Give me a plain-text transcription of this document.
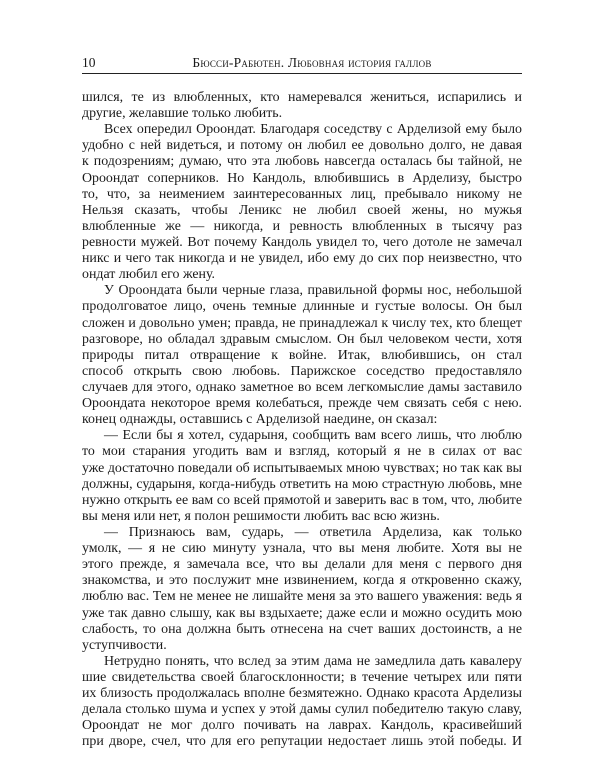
10	Бюсси-Рабютен. Любовная история галлов
шился, те из влюбленных, кто намеревался жениться, испарились и
другие, желавшие только любить.
Всех опередил Ороондат. Благодаря соседству с Арделизой ему было
удобно с ней видеться, и потому он любил ее довольно долго, не давая
к подозрениям; думаю, что эта любовь навсегда осталась бы тайной, не
Ороондат соперников. Но Кандоль, влюбившись в Арделизу, быстро
то, что, за неимением заинтересованных лиц, пребывало никому не
Нельзя сказать, чтобы Леникс не любил своей жены, но мужья
влюбленные же — никогда, и ревность влюбленных в тысячу раз
ревности мужей. Вот почему Кандоль увидел то, чего дотоле не замечал
никс и чего так никогда и не увидел, ибо ему до сих пор неизвестно, что
ондат любил его жену.
У Ороондата были черные глаза, правильной формы нос, небольшой
продолговатое лицо, очень темные длинные и густые волосы. Он был
сложен и довольно умен; правда, не принадлежал к числу тех, кто блещет
разговоре, но обладал здравым смыслом. Он был человеком чести, хотя
природы питал отвращение к войне. Итак, влюбившись, он стал
способ открыть свою любовь. Парижское соседство предоставляло
случаев для этого, однако заметное во всем легкомыслие дамы заставило
Ороондата некоторое время колебаться, прежде чем связать себя с нею.
конец однажды, оставшись с Арделизой наедине, он сказал:
— Если бы я хотел, сударыня, сообщить вам всего лишь, что люблю
то мои старания угодить вам и взгляд, который я не в силах от вас
уже достаточно поведали об испытываемых мною чувствах; но так как вы
должны, сударыня, когда-нибудь ответить на мою страстную любовь, мне
нужно открыть ее вам со всей прямотой и заверить вас в том, что, любите
вы меня или нет, я полон решимости любить вас всю жизнь.
— Признаюсь вам, сударь, — ответила Арделиза, как только
умолк, — я не сию минуту узнала, что вы меня любите. Хотя вы не
этого прежде, я замечала все, что вы делали для меня с первого дня
знакомства, и это послужит мне извинением, когда я откровенно скажу,
люблю вас. Тем не менее не лишайте меня за это вашего уважения: ведь я
уже так давно слышу, как вы вздыхаете; даже если и можно осудить мою
слабость, то она должна быть отнесена на счет ваших достоинств, а не
уступчивости.
Нетрудно понять, что вслед за этим дама не замедлила дать кавалеру
шие свидетельства своей благосклонности; в течение четырех или пяти
их близость продолжалась вполне безмятежно. Однако красота Арделизы
делала столько шума и успех у этой дамы сулил победителю такую славу,
Ороондат не мог долго почивать на лаврах. Кандоль, красивейший
при дворе, счел, что для его репутации недостает лишь этой победы. И
